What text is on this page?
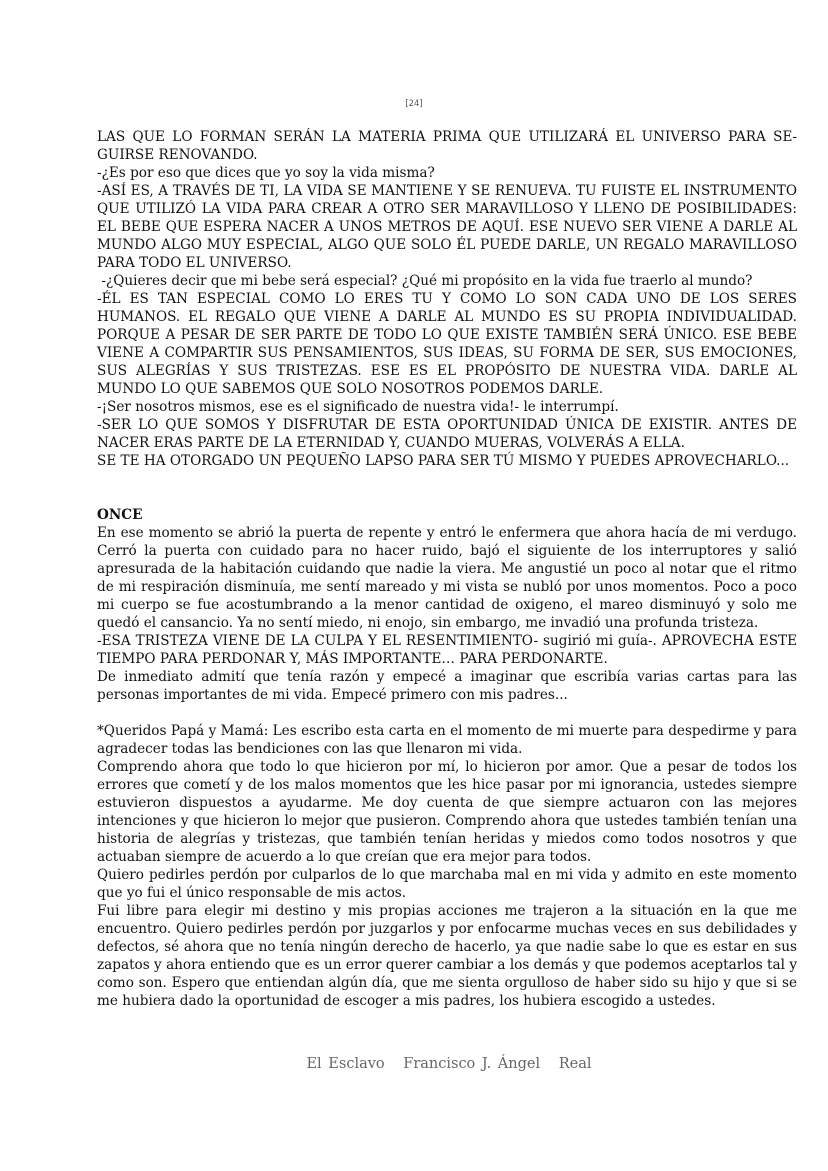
[24]

LAS QUE LO FORMAN SERÁN LA MATERIA PRIMA QUE UTILIZARÁ EL UNIVERSO PARA SEGUIRSE RENOVANDO.

-¿Es por eso que dices que yo soy la vida misma?

-ASÍ ES, A TRAVÉS DE TI, LA VIDA SE MANTIENE Y SE RENUEVA. TU FUISTE EL INSTRUMENTO QUE UTILIZÓ LA VIDA PARA CREAR A OTRO SER MARAVILLOSO Y LLENO DE POSIBILIDADES: EL BEBE QUE ESPERA NACER A UNOS METROS DE AQUÍ. ESE NUEVO SER VIENE A DARLE AL MUNDO ALGO MUY ESPECIAL, ALGO QUE SOLO ÉL PUEDE DARLE, UN REGALO MARAVILLOSO PARA TODO EL UNIVERSO.

-¿Quieres decir que mi bebe será especial? ¿Qué mi propósito en la vida fue traerlo al mundo?

-ÉL ES TAN ESPECIAL COMO LO ERES TU Y COMO LO SON CADA UNO DE LOS SERES HUMANOS. EL REGALO QUE VIENE A DARLE AL MUNDO ES SU PROPIA INDIVIDUALIDAD. PORQUE A PESAR DE SER PARTE DE TODO LO QUE EXISTE TAMBIÉN SERÁ ÚNICO. ESE BEBE VIENE A COMPARTIR SUS PENSAMIENTOS, SUS IDEAS, SU FORMA DE SER, SUS EMOCIONES, SUS ALEGRÍAS Y SUS TRISTEZAS. ESE ES EL PROPÓSITO DE NUESTRA VIDA. DARLE AL MUNDO LO QUE SABEMOS QUE SOLO NOSOTROS PODEMOS DARLE.

-¡Ser nosotros mismos, ese es el significado de nuestra vida!- le interrumpí.

-SER LO QUE SOMOS Y DISFRUTAR DE ESTA OPORTUNIDAD ÚNICA DE EXISTIR. ANTES DE NACER ERAS PARTE DE LA ETERNIDAD Y, CUANDO MUERAS, VOLVERÁS A ELLA.

SE TE HA OTORGADO UN PEQUEÑO LAPSO PARA SER TÚ MISMO Y PUEDES APROVECHARLO...

ONCE

En ese momento se abrió la puerta de repente y entró le enfermera que ahora hacía de mi verdugo. Cerró la puerta con cuidado para no hacer ruido, bajó el siguiente de los interruptores y salió apresurada de la habitación cuidando que nadie la viera. Me angustié un poco al notar que el ritmo de mi respiración disminuía, me sentí mareado y mi vista se nubló por unos momentos. Poco a poco mi cuerpo se fue acostumbrando a la menor cantidad de oxigeno, el mareo disminuyó y solo me quedó el cansancio. Ya no sentí miedo, ni enojo, sin embargo, me invadió una profunda tristeza.

-ESA TRISTEZA VIENE DE LA CULPA Y EL RESENTIMIENTO- sugirió mi guía-. APROVECHA ESTE TIEMPO PARA PERDONAR Y, MÁS IMPORTANTE… PARA PERDONARTE.

De inmediato admití que tenía razón y empecé a imaginar que escribía varias cartas para las personas importantes de mi vida. Empecé primero con mis padres...

*Queridos Papá y Mamá: Les escribo esta carta en el momento de mi muerte para despedirme y para agradecer todas las bendiciones con las que llenaron mi vida.

Comprendo ahora que todo lo que hicieron por mí, lo hicieron por amor. Que a pesar de todos los errores que cometí y de los malos momentos que les hice pasar por mi ignorancia, ustedes siempre estuvieron dispuestos a ayudarme. Me doy cuenta de que siempre actuaron con las mejores intenciones y que hicieron lo mejor que pusieron. Comprendo ahora que ustedes también tenían una historia de alegrías y tristezas, que también tenían heridas y miedos como todos nosotros y que actuaban siempre de acuerdo a lo que creían que era mejor para todos.

Quiero pedirles perdón por culparlos de lo que marchaba mal en mi vida y admito en este momento que yo fui el único responsable de mis actos.

Fui libre para elegir mi destino y mis propias acciones me trajeron a la situación en la que me encuentro. Quiero pedirles perdón por juzgarlos y por enfocarme muchas veces en sus debilidades y defectos, sé ahora que no tenía ningún derecho de hacerlo, ya que nadie sabe lo que es estar en sus zapatos y ahora entiendo que es un error querer cambiar a los demás y que podemos aceptarlos tal y como son. Espero que entiendan algún día, que me sienta orgulloso de haber sido su hijo y que si se me hubiera dado la oportunidad de escoger a mis padres, los hubiera escogido a ustedes.

El Esclavo Francisco J. Ángel Real
